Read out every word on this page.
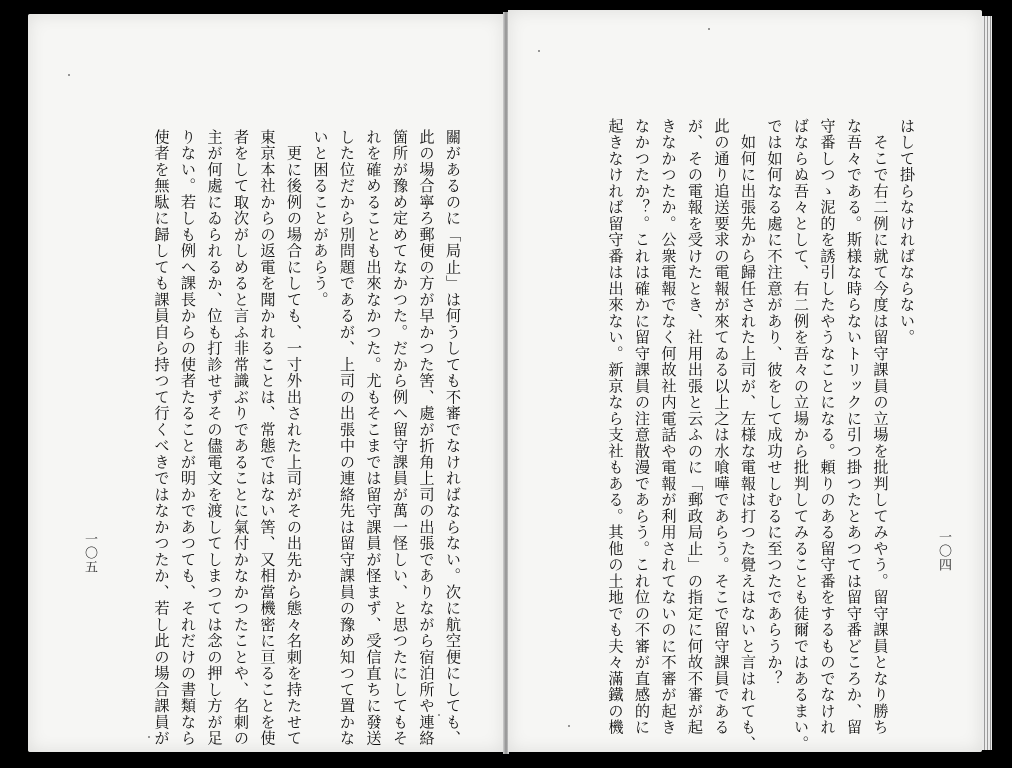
關があるのに「局止」は何うしても不審でなければならない。次に航空便にしても、
此の場合寧ろ郵便の方が早かつた筈、處が折角上司の出張でありながら宿泊所や連絡
箇所が豫め定めてなかつた。だから例へ留守課員が萬一怪しい、と思つたにしてもそ
れを確めることも出來なかつた。尤もそこまでは留守課員が怪まず、受信直ちに發送
した位だから別問題であるが、上司の出張中の連絡先は留守課員の豫め知つて置かな
いと困ることがあらう。
　更に後例の場合にしても、一寸外出された上司がその出先から態々名刺を持たせて
東京本社からの返電を聞かれることは、常態ではない筈、又相當機密に亘ることを使
者をして取次がしめると言ふ非常識ぶりであることに氣付かなかつたことや、名刺の
主が何處にゐられるか、位も打診せずその儘電文を渡してしまつては念の押し方が足
りない。若しも例へ課長からの使者たることが明かであつても、それだけの書類なら
使者を無駄に歸しても課員自ら持つて行くべきではなかつたか、若し此の場合課員が
一〇五
はして掛らなければならない。
　そこで右二例に就て今度は留守課員の立場を批判してみやう。留守課員となり勝ち
な吾々である。斯様な時らないトリックに引つ掛つたとあつては留守番どころか、留
守番しつゝ泥的を誘引したやうなことになる。頼りのある留守番をするものでなけれ
ばならぬ吾々として、右二例を吾々の立場から批判してみることも徒爾ではあるまい。
では如何なる處に不注意があり、彼をして成功せしむるに至つたであらうか？
　如何に出張先から歸任された上司が、左様な電報は打つた覺えはないと言はれても、
此の通り追送要求の電報が來てゐる以上之は水喰嘩であらう。そこで留守課員である
が、その電報を受けたとき、社用出張と云ふのに「郵政局止」の指定に何故不審が起
きなかつたか。公衆電報でなく何故社内電話や電報が利用されてないのに不審が起き
なかつたか？。これは確かに留守課員の注意散漫であらう。これ位の不審が直感的に
起きなければ留守番は出來ない。新京なら支社もある。其他の土地でも夫々滿鐵の機	一〇四
